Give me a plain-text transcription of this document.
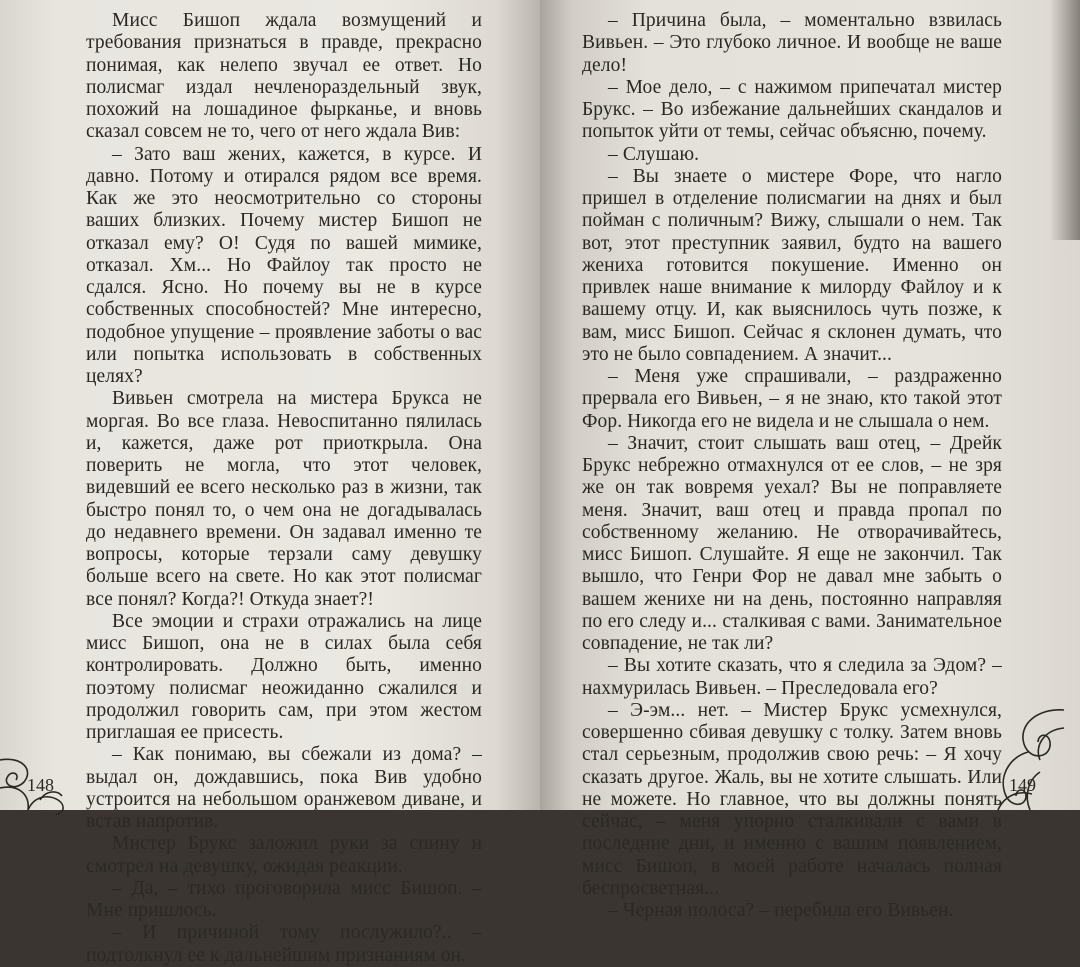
Мисс Бишоп ждала возмущений и требования признаться в правде, прекрасно понимая, как нелепо звучал ее ответ. Но полисмаг издал нечленораздельный звук, похожий на лошадиное фырканье, и вновь сказал совсем не то, чего от него ждала Вив:

– Зато ваш жених, кажется, в курсе. И давно. Потому и отирался рядом все время. Как же это неосмотрительно со стороны ваших близких. Почему мистер Бишоп не отказал ему? О! Судя по вашей мимике, отказал. Хм... Но Файлоу так просто не сдался. Ясно. Но почему вы не в курсе собственных способностей? Мне интересно, подобное упущение – проявление заботы о вас или попытка использовать в собственных целях?

Вивьен смотрела на мистера Брукса не моргая. Во все глаза. Невоспитанно пялилась и, кажется, даже рот приоткрыла. Она поверить не могла, что этот человек, видевший ее всего несколько раз в жизни, так быстро понял то, о чем она не догадывалась до недавнего времени. Он задавал именно те вопросы, которые терзали саму девушку больше всего на свете. Но как этот полисмаг все понял? Когда?! Откуда знает?!

Все эмоции и страхи отражались на лице мисс Бишоп, она не в силах была себя контролировать. Должно быть, именно поэтому полисмаг неожиданно сжалился и продолжил говорить сам, при этом жестом приглашая ее присесть.

– Как понимаю, вы сбежали из дома? – выдал он, дождавшись, пока Вив удобно устроится на небольшом оранжевом диване, и встав напротив.

Мистер Брукс заложил руки за спину и смотрел на девушку, ожидая реакции.

– Да, – тихо проговорила мисс Бишоп. – Мне пришлось.

– И причиной тому послужило?.. – подтолкнул ее к дальнейшим признаниям он.

148

– Причина была, – моментально взвилась Вивьен. – Это глубоко личное. И вообще не ваше дело!

– Мое дело, – с нажимом припечатал мистер Брукс. – Во избежание дальнейших скандалов и попыток уйти от темы, сейчас объясню, почему.

– Слушаю.

– Вы знаете о мистере Форе, что нагло пришел в отделение полисмагии на днях и был пойман с поличным? Вижу, слышали о нем. Так вот, этот преступник заявил, будто на вашего жениха готовится покушение. Именно он привлек наше внимание к милорду Файлоу и к вашему отцу. И, как выяснилось чуть позже, к вам, мисс Бишоп. Сейчас я склонен думать, что это не было совпадением. А значит...

– Меня уже спрашивали, – раздраженно прервала его Вивьен, – я не знаю, кто такой этот Фор. Никогда его не видела и не слышала о нем.

– Значит, стоит слышать ваш отец, – Дрейк Брукс небрежно отмахнулся от ее слов, – не зря же он так вовремя уехал? Вы не поправляете меня. Значит, ваш отец и правда пропал по собственному желанию. Не отворачивайтесь, мисс Бишоп. Слушайте. Я еще не закончил. Так вышло, что Генри Фор не давал мне забыть о вашем женихе ни на день, постоянно направляя по его следу и... сталкивая с вами. Занимательное совпадение, не так ли?

– Вы хотите сказать, что я следила за Эдом? – нахмурилась Вивьен. – Преследовала его?

– Э-эм... нет. – Мистер Брукс усмехнулся, совершенно сбивая девушку с толку. Затем вновь стал серьезным, продолжив свою речь: – Я хочу сказать другое. Жаль, вы не хотите слышать. Или не можете. Но главное, что вы должны понять сейчас, – меня упорно сталкивали с вами в последние дни, и именно с вашим появлением, мисс Бишоп, в моей работе началась полная беспросветная...

– Черная полоса? – перебила его Вивьен.

149
